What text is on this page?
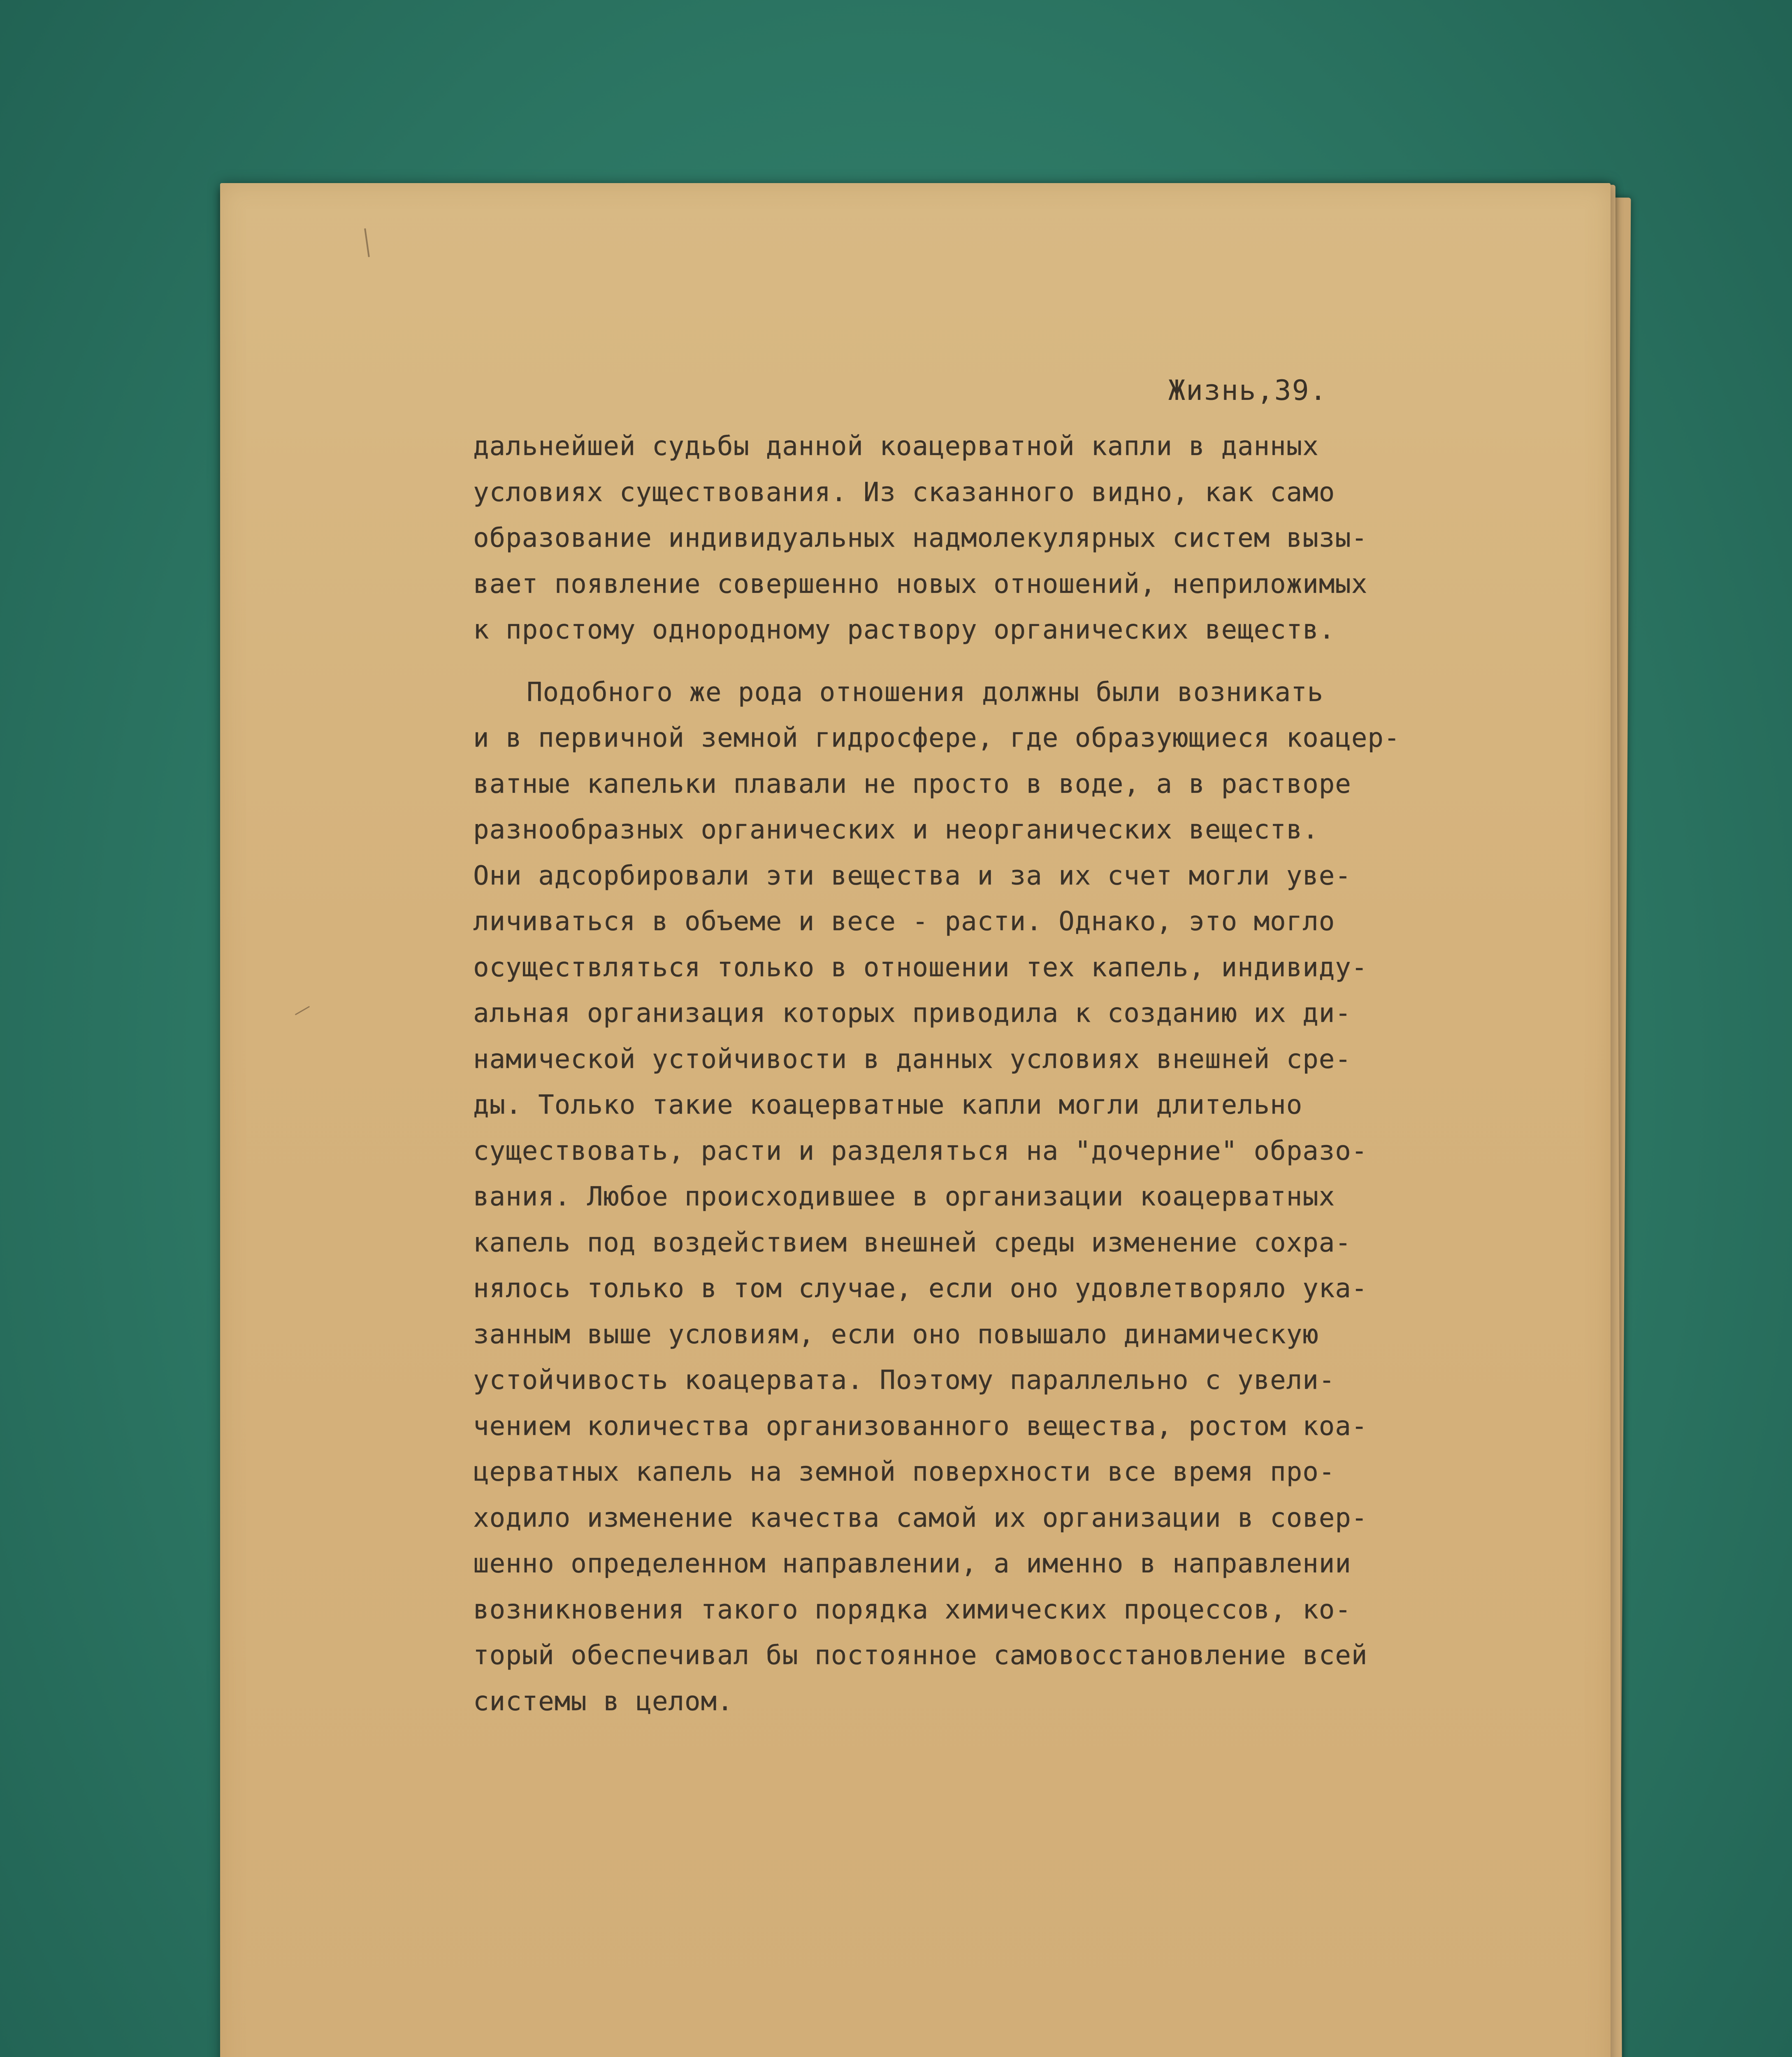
Жизнь,39.
дальнейшей судьбы данной коацерватной капли в данных
условиях существования. Из сказанного видно, как само
образование индивидуальных надмолекулярных систем вызы-
вает появление совершенно новых отношений, неприложимых
к простому однородному раствору органических веществ.
Подобного же рода отношения должны были возникать
и в первичной земной гидросфере, где образующиеся коацер-
ватные капельки плавали не просто в воде, а в растворе
разнообразных органических и неорганических веществ.
Они адсорбировали эти вещества и за их счет могли уве-
личиваться в объеме и весе - расти. Однако, это могло
осуществляться только в отношении тех капель, индивиду-
альная организация которых приводила к созданию их ди-
намической устойчивости в данных условиях внешней сре-
ды. Только такие коацерватные капли могли длительно
существовать, расти и разделяться на "дочерние" образо-
вания. Любое происходившее в организации коацерватных
капель под воздействием внешней среды изменение сохра-
нялось только в том случае, если оно удовлетворяло ука-
занным выше условиям, если оно повышало динамическую
устойчивость коацервата. Поэтому параллельно с увели-
чением количества организованного вещества, ростом коа-
церватных капель на земной поверхности все время про-
ходило изменение качества самой их организации в совер-
шенно определенном направлении, а именно в направлении
возникновения такого порядка химических процессов, ко-
торый обеспечивал бы постоянное самовосстановление всей
системы в целом.
